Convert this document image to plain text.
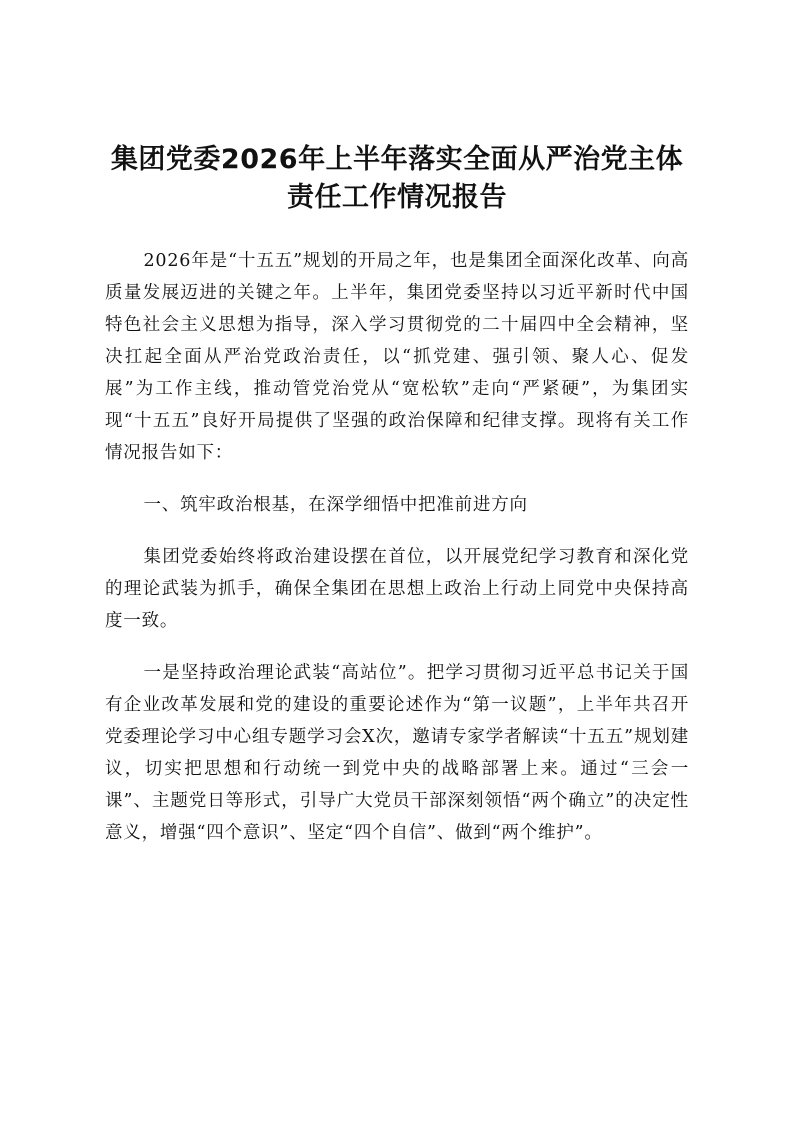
集团党委2026年上半年落实全面从严治党主体责任工作情况报告

2026年是“十五五”规划的开局之年，也是集团全面深化改革、向高质量发展迈进的关键之年。上半年，集团党委坚持以习近平新时代中国特色社会主义思想为指导，深入学习贯彻党的二十届四中全会精神，坚决扛起全面从严治党政治责任，以“抓党建、强引领、聚人心、促发展”为工作主线，推动管党治党从“宽松软”走向“严紧硬”，为集团实现“十五五”良好开局提供了坚强的政治保障和纪律支撑。现将有关工作情况报告如下：

一、筑牢政治根基，在深学细悟中把准前进方向

集团党委始终将政治建设摆在首位，以开展党纪学习教育和深化党的理论武装为抓手，确保全集团在思想上政治上行动上同党中央保持高度一致。

一是坚持政治理论武装“高站位”。把学习贯彻习近平总书记关于国有企业改革发展和党的建设的重要论述作为“第一议题”，上半年共召开党委理论学习中心组专题学习会X次，邀请专家学者解读“十五五”规划建议，切实把思想和行动统一到党中央的战略部署上来。通过“三会一课”、主题党日等形式，引导广大党员干部深刻领悟“两个确立”的决定性意义，增强“四个意识”、坚定“四个自信”、做到“两个维护”。
